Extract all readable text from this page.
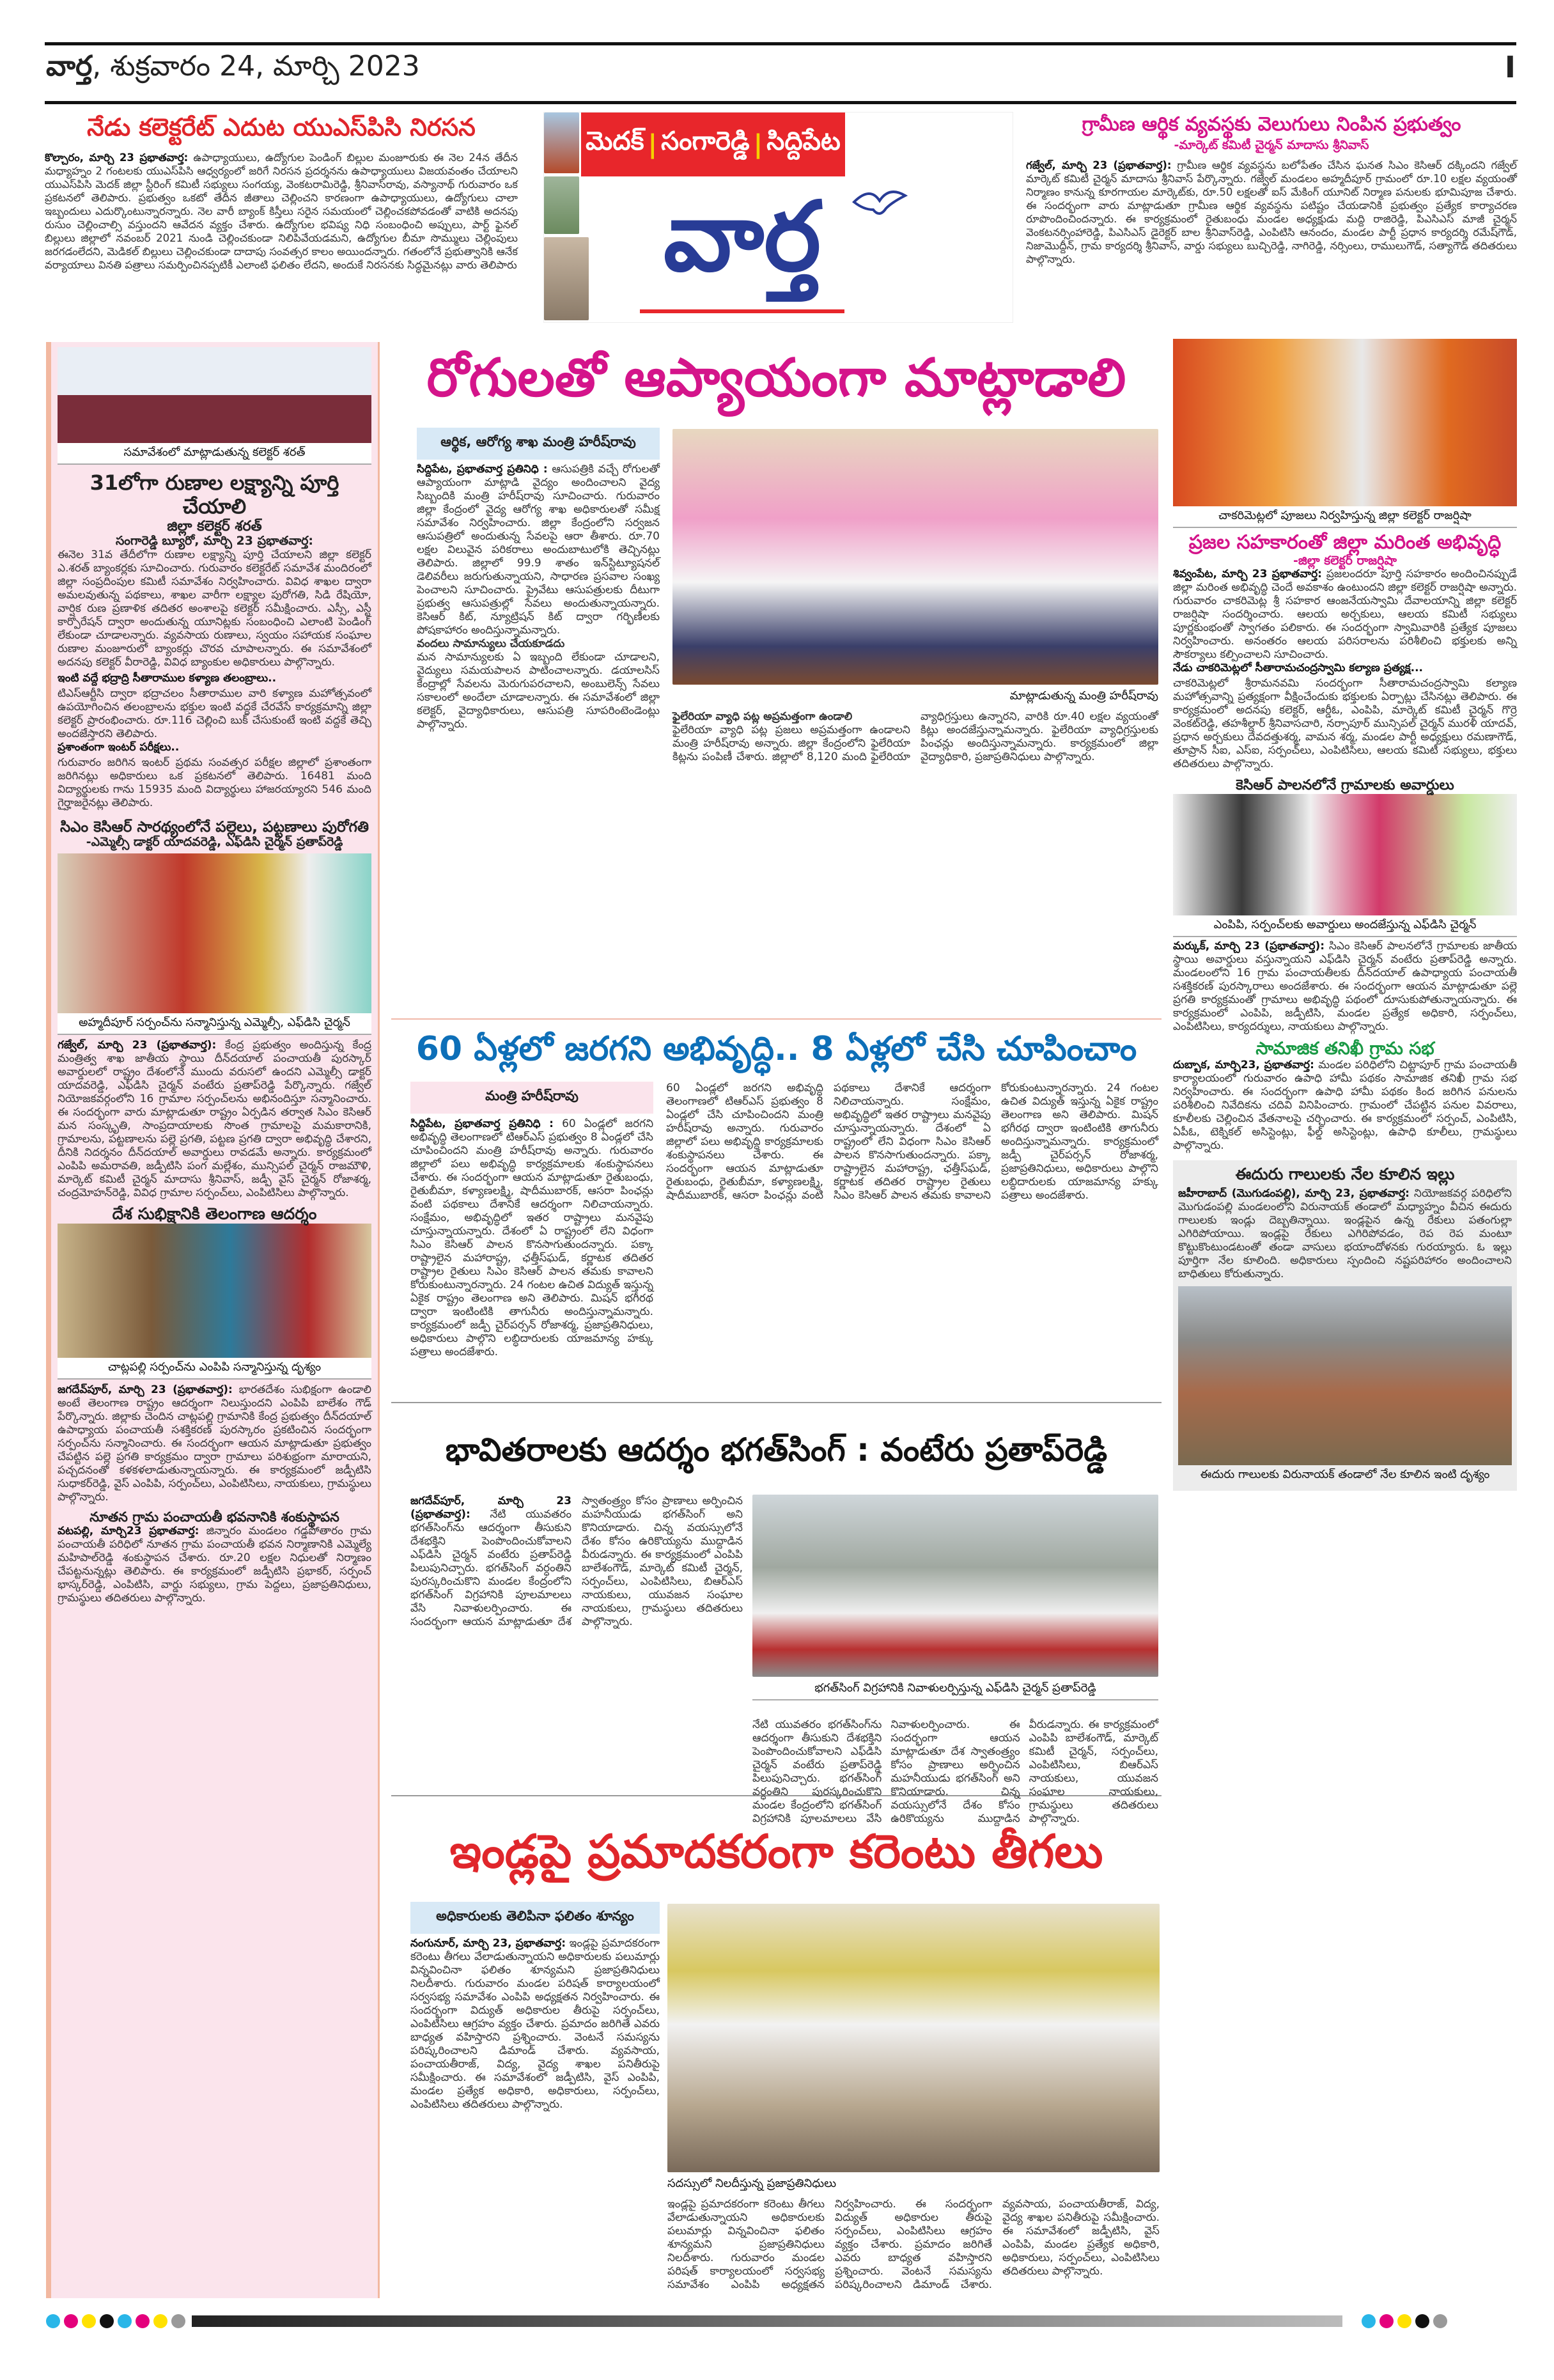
వార్త, శుక్రవారం 24, మార్చి 2023	I
నేడు కలెక్టరేట్ ఎదుట యుఎస్‌పిసి నిరసన
కొల్చారం, మార్చి 23 ప్రభాతవార్త: ఉపాధ్యాయులు, ఉద్యోగుల పెండింగ్ బిల్లుల మంజూరుకు ఈ నెల 24న తేదీన మధ్యాహ్నం 2 గంటలకు యుఎస్‌పిసి ఆధ్వర్యంలో జరిగే నిరసన ప్రదర్శనను ఉపాధ్యాయులు విజయవంతం చేయాలని యుఎస్‌పిసి మెదక్ జిల్లా స్టీరింగ్ కమిటీ సభ్యులు సంగయ్య, వెంకటరామిరెడ్డి, శ్రీనివాస్‌రావు, వస్యానాథ్ గురువారం ఒక ప్రకటనలో తెలిపారు. ప్రభుత్వం ఒకటో తేదీన జీతాలు చెల్లించని కారణంగా ఉపాధ్యాయులు, ఉద్యోగులు చాలా ఇబ్బందులు ఎదుర్కొంటున్నారన్నారు. నెల వారీ బ్యాంక్ కిస్తీలు సరైన సమయంలో చెల్లించకపోవడంతో వాటికి అదనపు రుసుం చెల్లించాల్సి వస్తుందని ఆవేదన వ్యక్తం చేశారు. ఉద్యోగుల భవిష్య నిధి సంబంధించి అప్పులు, పార్ట్ ఫైనల్ బిల్లులు జిల్లాలో నవంబర్ 2021 నుండి చెల్లించకుండా నిలిపివేయడమని, ఉద్యోగుల బీమా సొమ్ములు చెల్లింపులు జరగడంలేదని, మెడికల్ బిల్లులు చెల్లించకుండా దాదాపు సంవత్సర కాలం అయిందన్నారు. గతంలోనే ప్రభుత్వానికి ఆనేక వర్యాయాలు వినతి పత్రాలు సమర్పించినప్పటికీ ఎలాంటి ఫలితం లేదని, అందుకే నిరసనకు సిద్ధమైనట్లు వారు తెలిపారు
మెదక్ | సంగారెడ్డి | సిద్దిపేట
వార్త
గ్రామీణ ఆర్థిక వ్యవస్థకు వెలుగులు నింపిన ప్రభుత్వం
-మార్కెట్ కమిటీ చైర్మన్ మాదాసు శ్రీనివాస్
గజ్వేల్, మార్చి 23 (ప్రభాతవార్త): గ్రామీణ ఆర్థిక వ్యవస్థను బలోపేతం చేసిన ఘనత సిఎం కెసిఆర్ దక్కిందని గజ్వేల్ మార్కెట్ కమిటీ చైర్మన్ మాదాసు శ్రీనివాస్ పేర్కొన్నారు. గజ్వేల్ మండలం అహ్మదీపూర్ గ్రామంలో రూ.10 లక్షల వ్యయంతో నిర్మాణం కానున్న కూరగాయల మార్కెట్‌కు, రూ.50 లక్షలతో ఐస్ మేకింగ్ యూనిట్ నిర్మాణ పనులకు భూమిపూజ చేశారు. ఈ సందర్భంగా వారు మాట్లాడుతూ గ్రామీణ ఆర్థిక వ్యవస్థను పటిష్టం చేయడానికి ప్రభుత్వం ప్రత్యేక కార్యాచరణ రూపొందించిందన్నారు. ఈ కార్యక్రమంలో రైతుబంధు మండల అధ్యక్షుడు మద్ది రాజిరెడ్డి, పిఎసిఎస్ మాజీ చైర్మన్ వెంకటనర్సింహారెడ్డి, పిఎసిఎస్ డైరెక్టర్ బాల శ్రీనివాస్‌రెడ్డి, ఎంపిటిసి ఆనందం, మండల పార్టీ ప్రధాన కార్యదర్శి రమేష్‌గౌడ్, నిజామొద్దీన్, గ్రామ కార్యదర్శి శ్రీనివాస్, వార్డు సభ్యులు బుచ్చిరెడ్డి, నాగిరెడ్డి, నర్సింలు, రాములుగౌడ్, సత్యాగౌడ్ తదితరులు పాల్గొన్నారు.
సమావేశంలో మాట్లాడుతున్న కలెక్టర్ శరత్
31లోగా రుణాల లక్ష్యాన్ని పూర్తి చేయాలి
జిల్లా కలెక్టర్ శరత్
సంగారెడ్డి బ్యూరో, మార్చి 23 ప్రభాతవార్త:
ఈనెల 31వ తేదీలోగా రుణాల లక్ష్యాన్ని పూర్తి చేయాలని జిల్లా కలెక్టర్ ఎ.శరత్ బ్యాంకర్లకు సూచించారు. గురువారం కలెక్టరేట్ సమావేశ మందిరంలో జిల్లా సంప్రదింపుల కమిటీ సమావేశం నిర్వహించారు. వివిధ శాఖల ద్వారా అమలవుతున్న పథకాలు, శాఖల వారీగా లక్ష్యాల పురోగతి, సిడి రేషియో, వార్షిక రుణ ప్రణాళిక తదితర అంశాలపై కలెక్టర్ సమీక్షించారు. ఎస్సీ, ఎస్టీ కార్పొరేషన్ ద్వారా అందుతున్న యూనిట్లకు సంబంధించి ఎలాంటి పెండింగ్ లేకుండా చూడాలన్నారు. వ్యవసాయ రుణాలు, స్వయం సహాయక సంఘాల రుణాల మంజూరులో బ్యాంకర్లు చొరవ చూపాలన్నారు. ఈ సమావేశంలో అదనపు కలెక్టర్ వీరారెడ్డి, వివిధ బ్యాంకుల అధికారులు పాల్గొన్నారు.
ఇంటి వద్దే భద్రాద్రి సీతారాముల కళ్యాణ తలంబ్రాలు..
టిఎస్ఆర్టీసి ద్వారా భద్రాచలం సీతారాముల వారి కళ్యాణ మహోత్సవంలో ఉపయోగించిన తలంబ్రాలను భక్తుల ఇంటి వద్దకే చేరవేసే కార్యక్రమాన్ని జిల్లా కలెక్టర్ ప్రారంభించారు. రూ.116 చెల్లించి బుక్ చేసుకుంటే ఇంటి వద్దకే తెచ్చి అందజేస్తారని తెలిపారు.
ప్రశాంతంగా ఇంటర్ పరీక్షలు..
గురువారం జరిగిన ఇంటర్ ప్రథమ సంవత్సర పరీక్షల జిల్లాలో ప్రశాంతంగా జరిగినట్లు అధికారులు ఒక ప్రకటనలో తెలిపారు. 16481 మంది విద్యార్థులకు గాను 15935 మంది విద్యార్థులు హాజరయ్యారని 546 మంది గైర్హాజరైనట్లు తెలిపారు.
సిఎం కెసిఆర్ సారథ్యంలోనే పల్లెలు, పట్టణాలు పురోగతి
-ఎమ్మెల్సీ డాక్టర్ యాదవరెడ్డి, ఎఫ్‌డిసి చైర్మన్ ప్రతాప్‌రెడ్డి
అహ్మదీపూర్ సర్పంచ్‌ను సన్మానిస్తున్న ఎమ్మెల్సీ, ఎఫ్‌డిసి చైర్మన్
గజ్వేల్, మార్చి 23 (ప్రభాతవార్త): కేంద్ర ప్రభుత్వం అందిస్తున్న కేంద్ర మంత్రిత్వ శాఖ జాతీయ స్థాయి దీన్‌దయాల్ పంచాయతీ పురస్కార్ అవార్డులలో రాష్ట్రం దేశంలోనే ముందు వరుసలో ఉందని ఎమ్మెల్సీ డాక్టర్ యాదవరెడ్డి, ఎఫ్‌డిసి చైర్మన్ వంటేరు ప్రతాప్‌రెడ్డి పేర్కొన్నారు. గజ్వేల్ నియోజకవర్గంలోని 16 గ్రామాల సర్పంచ్‌లను అభినందిస్తూ సన్మానించారు. ఈ సందర్భంగా వారు మాట్లాడుతూ రాష్ట్రం ఏర్పడిన తర్వాత సిఎం కెసిఆర్ మన సంస్కృతి, సాంప్రదాయాలకు సొంత గ్రామాలపై మమకారానికి, గ్రామాలను, పట్టణాలను పల్లె ప్రగతి, పట్టణ ప్రగతి ద్వారా అభివృద్ధి చేశారని, దీనికి నిదర్శనం దీన్‌దయాల్ అవార్డులు రావడమే అన్నారు. కార్యక్రమంలో ఎంపిపి అమరావతి, జడ్పీటిసి పంగ మల్లేశం, మున్సిపల్ చైర్మన్ రాజమౌళి, మార్కెట్ కమిటీ చైర్మన్ మాదాసు శ్రీనివాస్, జడ్పీ వైస్ చైర్మన్ రోజాశర్మ, చంద్రమోహన్‌రెడ్డి, వివిధ గ్రామాల సర్పంచ్‌లు, ఎంపిటిసిలు పాల్గొన్నారు.
దేశ సుభిక్షానికి తెలంగాణ ఆదర్శం
చాట్లపల్లి సర్పంచ్‌ను ఎంపిపి సన్మానిస్తున్న దృశ్యం
జగదేవ్‌పూర్, మార్చి 23 (ప్రభాతవార్త): భారతదేశం సుభిక్షంగా ఉండాలి అంటే తెలంగాణ రాష్ట్రం ఆదర్శంగా నిలుస్తుందని ఎంపిపి బాలేశం గౌడ్ పేర్కొన్నారు. జిల్లాకు చెందిన చాట్లపల్లి గ్రామానికి కేంద్ర ప్రభుత్వం దీన్‌దయాల్ ఉపాధ్యాయ పంచాయతీ సశక్తికరణ్ పురస్కారం ప్రకటించిన సందర్భంగా సర్పంచ్‌ను సన్మానించారు. ఈ సందర్భంగా ఆయన మాట్లాడుతూ ప్రభుత్వం చేపట్టిన పల్లె ప్రగతి కార్యక్రమం ద్వారా గ్రామాలు పరిశుభ్రంగా మారాయని, పచ్చదనంతో కళకళలాడుతున్నాయన్నారు. ఈ కార్యక్రమంలో జడ్పీటిసి సుధాకర్‌రెడ్డి, వైస్ ఎంపిపి, సర్పంచ్‌లు, ఎంపిటిసిలు, నాయకులు, గ్రామస్థులు పాల్గొన్నారు.
నూతన గ్రామ పంచాయతీ భవనానికి శంకుస్థాపన
వటపల్లి, మార్చి23 ప్రభాతవార్త: జిన్నారం మండలం గడ్డపోతారం గ్రామ పంచాయతీ పరిధిలో నూతన గ్రామ పంచాయతీ భవన నిర్మాణానికి ఎమ్మెల్యే మహిపాల్‌రెడ్డి శంకుస్థాపన చేశారు. రూ.20 లక్షల నిధులతో నిర్మాణం చేపట్టనున్నట్లు తెలిపారు. ఈ కార్యక్రమంలో జడ్పీటిసి ప్రభాకర్, సర్పంచ్ భాస్కర్‌రెడ్డి, ఎంపిటిసి, వార్డు సభ్యులు, గ్రామ పెద్దలు, ప్రజాప్రతినిధులు, గ్రామస్థులు తదితరులు పాల్గొన్నారు.
రోగులతో ఆప్యాయంగా మాట్లాడాలి
ఆర్థిక, ఆరోగ్య శాఖ మంత్రి హరీష్‌రావు
సిద్దిపేట, ప్రభాతవార్త ప్రతినిధి : ఆసుపత్రికి వచ్చే రోగులతో ఆప్యాయంగా మాట్లాడి వైద్యం అందించాలని వైద్య సిబ్బందికి మంత్రి హరీష్‌రావు సూచించారు. గురువారం జిల్లా కేంద్రంలో వైద్య ఆరోగ్య శాఖ అధికారులతో సమీక్ష సమావేశం నిర్వహించారు. జిల్లా కేంద్రంలోని సర్వజన ఆసుపత్రిలో అందుతున్న సేవలపై ఆరా తీశారు. రూ.70 లక్షల విలువైన పరికరాలు అందుబాటులోకి తెచ్చినట్లు తెలిపారు. జిల్లాలో 99.9 శాతం ఇన్‌స్టిట్యూషనల్ డెలివరీలు జరుగుతున్నాయని, సాధారణ ప్రసవాల సంఖ్య పెంచాలని సూచించారు. ప్రైవేటు ఆసుపత్రులకు దీటుగా ప్రభుత్వ ఆసుపత్రుల్లో సేవలు అందుతున్నాయన్నారు. కెసిఆర్ కిట్, న్యూట్రిషన్ కిట్ ద్వారా గర్భిణీలకు పోషకాహారం అందిస్తున్నామన్నారు.
వందలు సామాన్యులు చేయకూడదు
మన సామాన్యులకు ఏ ఇబ్బంది లేకుండా చూడాలని, వైద్యులు సమయపాలన పాటించాలన్నారు. డయాలసిస్ కేంద్రాల్లో సేవలను మెరుగుపరచాలని, అంబులెన్స్ సేవలు సకాలంలో అందేలా చూడాలన్నారు. ఈ సమావేశంలో జిల్లా కలెక్టర్, వైద్యాధికారులు, ఆసుపత్రి సూపరింటెండెంట్లు పాల్గొన్నారు.
మాట్లాడుతున్న మంత్రి హరీష్‌రావు
ఫైలేరియా వ్యాధి పట్ల అప్రమత్తంగా ఉండాలి
ఫైలేరియా వ్యాధి పట్ల ప్రజలు అప్రమత్తంగా ఉండాలని మంత్రి హరీష్‌రావు అన్నారు. జిల్లా కేంద్రంలోని ఫైలేరియా కిట్లను పంపిణీ చేశారు. జిల్లాలో 8,120 మంది ఫైలేరియా వ్యాధిగ్రస్తులు ఉన్నారని, వారికి రూ.40 లక్షల వ్యయంతో కిట్లు అందజేస్తున్నామన్నారు. ఫైలేరియా వ్యాధిగ్రస్తులకు పింఛన్లు అందిస్తున్నామన్నారు. కార్యక్రమంలో జిల్లా వైద్యాధికారి, ప్రజాప్రతినిధులు పాల్గొన్నారు.
60 ఏళ్లలో జరగని అభివృద్ధి.. 8 ఏళ్లలో చేసి చూపించాం
మంత్రి హరీష్‌రావు
సిద్దిపేట, ప్రభాతవార్త ప్రతినిధి : 60 ఏండ్లలో జరగని అభివృద్ధి తెలంగాణలో టిఆర్ఎస్ ప్రభుత్వం 8 ఏండ్లలో చేసి చూపించిందని మంత్రి హరీష్‌రావు అన్నారు. గురువారం జిల్లాలో పలు అభివృద్ధి కార్యక్రమాలకు శంకుస్థాపనలు చేశారు. ఈ సందర్భంగా ఆయన మాట్లాడుతూ రైతుబంధు, రైతుబీమా, కళ్యాణలక్ష్మి, షాదీముబారక్, ఆసరా పింఛన్లు వంటి పథకాలు దేశానికే ఆదర్శంగా నిలిచాయన్నారు. సంక్షేమం, అభివృద్ధిలో ఇతర రాష్ట్రాలు మనవైపు చూస్తున్నాయన్నారు. దేశంలో ఏ రాష్ట్రంలో లేని విధంగా సిఎం కెసిఆర్ పాలన కొనసాగుతుందన్నారు. పక్కా రాష్ట్రాలైన మహారాష్ట్ర, ఛత్తీస్‌ఘడ్, కర్ణాటక తదితర రాష్ట్రాల రైతులు సిఎం కెసిఆర్ పాలన తమకు కావాలని కోరుకుంటున్నారన్నారు. 24 గంటల ఉచిత విద్యుత్ ఇస్తున్న ఏకైక రాష్ట్రం తెలంగాణ అని తెలిపారు. మిషన్ భగీరథ ద్వారా ఇంటింటికి తాగునీరు అందిస్తున్నామన్నారు. కార్యక్రమంలో జడ్పీ చైర్‌పర్సన్ రోజాశర్మ, ప్రజాప్రతినిధులు, అధికారులు పాల్గొని లబ్ధిదారులకు యాజమాన్య హక్కు పత్రాలు అందజేశారు.
60 ఏండ్లలో జరగని అభివృద్ధి తెలంగాణలో టిఆర్ఎస్ ప్రభుత్వం 8 ఏండ్లలో చేసి చూపించిందని మంత్రి హరీష్‌రావు అన్నారు. గురువారం జిల్లాలో పలు అభివృద్ధి కార్యక్రమాలకు శంకుస్థాపనలు చేశారు. ఈ సందర్భంగా ఆయన మాట్లాడుతూ రైతుబంధు, రైతుబీమా, కళ్యాణలక్ష్మి, షాదీముబారక్, ఆసరా పింఛన్లు వంటి పథకాలు దేశానికే ఆదర్శంగా నిలిచాయన్నారు. సంక్షేమం, అభివృద్ధిలో ఇతర రాష్ట్రాలు మనవైపు చూస్తున్నాయన్నారు. దేశంలో ఏ రాష్ట్రంలో లేని విధంగా సిఎం కెసిఆర్ పాలన కొనసాగుతుందన్నారు. పక్కా రాష్ట్రాలైన మహారాష్ట్ర, ఛత్తీస్‌ఘడ్, కర్ణాటక తదితర రాష్ట్రాల రైతులు సిఎం కెసిఆర్ పాలన తమకు కావాలని కోరుకుంటున్నారన్నారు. 24 గంటల ఉచిత విద్యుత్ ఇస్తున్న ఏకైక రాష్ట్రం తెలంగాణ అని తెలిపారు. మిషన్ భగీరథ ద్వారా ఇంటింటికి తాగునీరు అందిస్తున్నామన్నారు. కార్యక్రమంలో జడ్పీ చైర్‌పర్సన్ రోజాశర్మ, ప్రజాప్రతినిధులు, అధికారులు పాల్గొని లబ్ధిదారులకు యాజమాన్య హక్కు పత్రాలు అందజేశారు.
భావితరాలకు ఆదర్శం భగత్‌సింగ్ : వంటేరు ప్రతాప్‌రెడ్డి
జగదేవ్‌పూర్, మార్చి 23 (ప్రభాతవార్త): నేటి యువతరం భగత్‌సింగ్‌ను ఆదర్శంగా తీసుకుని దేశభక్తిని పెంపొందించుకోవాలని ఎఫ్‌డిసి చైర్మన్ వంటేరు ప్రతాప్‌రెడ్డి పిలుపునిచ్చారు. భగత్‌సింగ్ వర్ధంతిని పురస్కరించుకొని మండల కేంద్రంలోని భగత్‌సింగ్ విగ్రహానికి పూలమాలలు వేసి నివాళులర్పించారు. ఈ సందర్భంగా ఆయన మాట్లాడుతూ దేశ స్వాతంత్ర్యం కోసం ప్రాణాలు అర్పించిన మహనీయుడు భగత్‌సింగ్ అని కొనియాడారు. చిన్న వయస్సులోనే దేశం కోసం ఉరికొయ్యను ముద్దాడిన వీరుడన్నారు. ఈ కార్యక్రమంలో ఎంపిపి బాలేశంగౌడ్, మార్కెట్ కమిటీ చైర్మన్, సర్పంచ్‌లు, ఎంపిటిసిలు, బిఆర్ఎస్ నాయకులు, యువజన సంఘాల నాయకులు, గ్రామస్థులు తదితరులు పాల్గొన్నారు.
భగత్‌సింగ్ విగ్రహానికి నివాళులర్పిస్తున్న ఎఫ్‌డిసి చైర్మన్ ప్రతాప్‌రెడ్డి
నేటి యువతరం భగత్‌సింగ్‌ను ఆదర్శంగా తీసుకుని దేశభక్తిని పెంపొందించుకోవాలని ఎఫ్‌డిసి చైర్మన్ వంటేరు ప్రతాప్‌రెడ్డి పిలుపునిచ్చారు. భగత్‌సింగ్ వర్ధంతిని పురస్కరించుకొని మండల కేంద్రంలోని భగత్‌సింగ్ విగ్రహానికి పూలమాలలు వేసి నివాళులర్పించారు. ఈ సందర్భంగా ఆయన మాట్లాడుతూ దేశ స్వాతంత్ర్యం కోసం ప్రాణాలు అర్పించిన మహనీయుడు భగత్‌సింగ్ అని కొనియాడారు. చిన్న వయస్సులోనే దేశం కోసం ఉరికొయ్యను ముద్దాడిన వీరుడన్నారు. ఈ కార్యక్రమంలో ఎంపిపి బాలేశంగౌడ్, మార్కెట్ కమిటీ చైర్మన్, సర్పంచ్‌లు, ఎంపిటిసిలు, బిఆర్ఎస్ నాయకులు, యువజన సంఘాల నాయకులు, గ్రామస్థులు తదితరులు పాల్గొన్నారు.
ఇండ్లపై ప్రమాదకరంగా కరెంటు తీగలు
అధికారులకు తెలిపినా ఫలితం శూన్యం
నంగునూర్, మార్చి 23, ప్రభాతవార్త: ఇండ్లపై ప్రమాదకరంగా కరెంటు తీగలు వేలాడుతున్నాయని అధికారులకు పలుమార్లు విన్నవించినా ఫలితం శూన్యమని ప్రజాప్రతినిధులు నిలదీశారు. గురువారం మండల పరిషత్ కార్యాలయంలో సర్వసభ్య సమావేశం ఎంపిపి అధ్యక్షతన నిర్వహించారు. ఈ సందర్భంగా విద్యుత్ అధికారుల తీరుపై సర్పంచ్‌లు, ఎంపిటిసిలు ఆగ్రహం వ్యక్తం చేశారు. ప్రమాదం జరిగితే ఎవరు బాధ్యత వహిస్తారని ప్రశ్నించారు. వెంటనే సమస్యను పరిష్కరించాలని డిమాండ్ చేశారు. వ్యవసాయ, పంచాయతీరాజ్, విద్య, వైద్య శాఖల పనితీరుపై సమీక్షించారు. ఈ సమావేశంలో జడ్పీటిసి, వైస్ ఎంపిపి, మండల ప్రత్యేక అధికారి, అధికారులు, సర్పంచ్‌లు, ఎంపిటిసిలు తదితరులు పాల్గొన్నారు.
సదస్సులో నిలదీస్తున్న ప్రజాప్రతినిధులు
ఇండ్లపై ప్రమాదకరంగా కరెంటు తీగలు వేలాడుతున్నాయని అధికారులకు పలుమార్లు విన్నవించినా ఫలితం శూన్యమని ప్రజాప్రతినిధులు నిలదీశారు. గురువారం మండల పరిషత్ కార్యాలయంలో సర్వసభ్య సమావేశం ఎంపిపి అధ్యక్షతన నిర్వహించారు. ఈ సందర్భంగా విద్యుత్ అధికారుల తీరుపై సర్పంచ్‌లు, ఎంపిటిసిలు ఆగ్రహం వ్యక్తం చేశారు. ప్రమాదం జరిగితే ఎవరు బాధ్యత వహిస్తారని ప్రశ్నించారు. వెంటనే సమస్యను పరిష్కరించాలని డిమాండ్ చేశారు. వ్యవసాయ, పంచాయతీరాజ్, విద్య, వైద్య శాఖల పనితీరుపై సమీక్షించారు. ఈ సమావేశంలో జడ్పీటిసి, వైస్ ఎంపిపి, మండల ప్రత్యేక అధికారి, అధికారులు, సర్పంచ్‌లు, ఎంపిటిసిలు తదితరులు పాల్గొన్నారు.
చాకరిమెట్లలో పూజలు నిర్వహిస్తున్న జిల్లా కలెక్టర్ రాజర్షిషా
ప్రజల సహకారంతో జిల్లా మరింత అభివృద్ధి
-జిల్లా కలెక్టర్ రాజర్షిషా
శివ్వంపేట, మార్చి 23 ప్రభాతవార్త: ప్రజలందరూ పూర్తి సహకారం అందించినప్పుడే జిల్లా మరింత అభివృద్ధి చెందే అవకాశం ఉంటుందని జిల్లా కలెక్టర్ రాజర్షిషా అన్నారు. గురువారం చాకరిమెట్ల శ్రీ సహకార ఆంజనేయస్వామి దేవాలయాన్ని జిల్లా కలెక్టర్ రాజర్షిషా సందర్శించారు. ఆలయ అర్చకులు, ఆలయ కమిటీ సభ్యులు పూర్ణకుంభంతో స్వాగతం పలికారు. ఈ సందర్భంగా స్వామివారికి ప్రత్యేక పూజలు నిర్వహించారు. అనంతరం ఆలయ పరిసరాలను పరిశీలించి భక్తులకు అన్ని సౌకర్యాలు కల్పించాలని సూచించారు.
నేడు చాకరిమెట్లలో సీతారామచంద్రస్వామి కల్యాణ ప్రత్యక్ష...
చాకరిమెట్లలో శ్రీరామనవమి సందర్భంగా సీతారామచంద్రస్వామి కల్యాణ మహోత్సవాన్ని ప్రత్యక్షంగా వీక్షించేందుకు భక్తులకు ఏర్పాట్లు చేసినట్లు తెలిపారు. ఈ కార్యక్రమంలో అదనపు కలెక్టర్, ఆర్డీఓ, ఎంపిపి, మార్కెట్ కమిటీ చైర్మన్ గొర్రె వెంకట్‌రెడ్డి, తహశీల్దార్ శ్రీనివాసచారి, నర్సాపూర్ మున్సిపల్ చైర్మన్ మురళీ యాదవ్, ప్రధాన అర్చకులు దేవదత్తుశర్మ, వామన శర్మ, మండల పార్టీ అధ్యక్షులు రమణాగౌడ్, తూప్రాన్ సీఐ, ఎస్ఐ, సర్పంచ్‌లు, ఎంపిటిసిలు, ఆలయ కమిటీ సభ్యులు, భక్తులు తదితరులు పాల్గొన్నారు.
కెసిఆర్ పాలనలోనే గ్రామాలకు అవార్డులు
ఎంపిపి, సర్పంచ్‌లకు అవార్డులు అందజేస్తున్న ఎఫ్‌డిసి చైర్మన్
మర్కుక్, మార్చి 23 (ప్రభాతవార్త): సిఎం కెసిఆర్ పాలనలోనే గ్రామాలకు జాతీయ స్థాయి అవార్డులు వస్తున్నాయని ఎఫ్‌డిసి చైర్మన్ వంటేరు ప్రతాప్‌రెడ్డి అన్నారు. మండలంలోని 16 గ్రామ పంచాయతీలకు దీన్‌దయాల్ ఉపాధ్యాయ పంచాయతీ సశక్తికరణ్ పురస్కారాలు అందజేశారు. ఈ సందర్భంగా ఆయన మాట్లాడుతూ పల్లె ప్రగతి కార్యక్రమంతో గ్రామాలు అభివృద్ధి పథంలో దూసుకుపోతున్నాయన్నారు. ఈ కార్యక్రమంలో ఎంపిపి, జడ్పీటిసి, మండల ప్రత్యేక అధికారి, సర్పంచ్‌లు, ఎంపిటిసిలు, కార్యదర్శులు, నాయకులు పాల్గొన్నారు.
సామాజిక తనిఖీ గ్రామ సభ
దుబ్బాక, మార్చి23, ప్రభాతవార్త: మండల పరిధిలోని చిట్టాపూర్ గ్రామ పంచాయతీ కార్యాలయంలో గురువారం ఉపాధి హామీ పథకం సామాజిక తనిఖీ గ్రామ సభ నిర్వహించారు. ఈ సందర్భంగా ఉపాధి హామీ పథకం కింద జరిగిన పనులను పరిశీలించి నివేదికను చదివి వినిపించారు. గ్రామంలో చేపట్టిన పనుల వివరాలు, కూలీలకు చెల్లించిన వేతనాలపై చర్చించారు. ఈ కార్యక్రమంలో సర్పంచ్, ఎంపిటిసి, ఏపీఓ, టెక్నికల్ అసిస్టెంట్లు, ఫీల్డ్ అసిస్టెంట్లు, ఉపాధి కూలీలు, గ్రామస్థులు పాల్గొన్నారు.
ఈదురు గాలులకు నేల కూలిన ఇల్లు
జహీరాబాద్ (మొగుడంపల్లి), మార్చి 23, ప్రభాతవార్త: నియోజకవర్గ పరిధిలోని మొగుడంపల్లి మండలంలోని విరునాయక్ తండాలో మధ్యాహ్నం వీచిన ఈదురు గాలులకు ఇండ్లు దెబ్బతిన్నాయి. ఇండ్లపైన ఉన్న రేకులు పతంగుల్లా ఎగిరిపోయాయి. ఇండ్లపై రేకులు ఎగిరిపోవడం, రెప రెప మంటూ కొట్టుకొంటుండటంతో తండా వాసులు భయాందోళనకు గురయ్యారు. ఓ ఇల్లు పూర్తిగా నేల కూలింది. అధికారులు స్పందించి నష్టపరిహారం అందించాలని బాధితులు కోరుతున్నారు.
ఈదురు గాలులకు విరునాయక్ తండాలో నేల కూలిన ఇంటి దృశ్యం
